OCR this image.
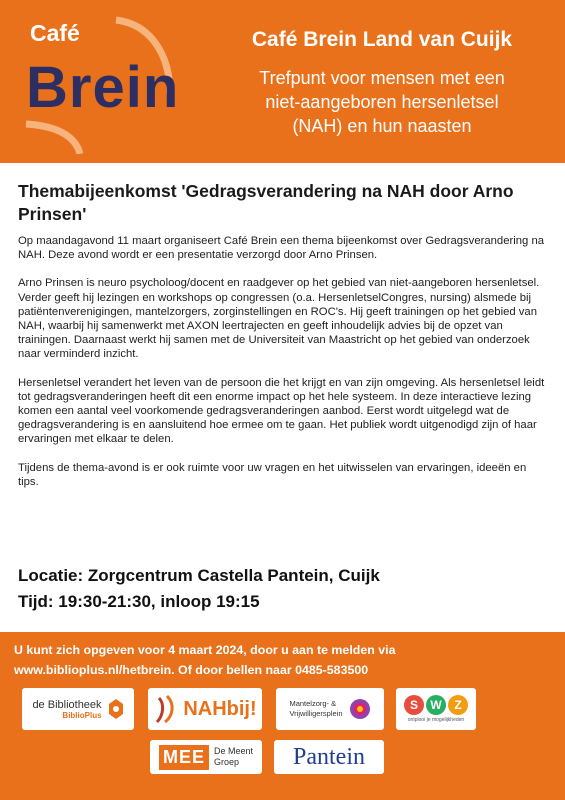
Café
Brein
Café Brein Land van Cuijk
Trefpunt voor mensen met een
niet-aangeboren hersenletsel
(NAH) en hun naasten
Themabijeenkomst 'Gedragsverandering na NAH door Arno Prinsen'

Op maandagavond 11 maart organiseert Café Brein een thema bijeenkomst over Gedragsverandering na NAH. Deze avond wordt er een presentatie verzorgd door Arno Prinsen.

Arno Prinsen is neuro psycholoog/docent en raadgever op het gebied van niet-aangeboren hersenletsel. Verder geeft hij lezingen en workshops op congressen (o.a. HersenletselCongres, nursing) alsmede bij patiëntenverenigingen, mantelzorgers, zorginstellingen en ROC's. Hij geeft trainingen op het gebied van NAH, waarbij hij samenwerkt met AXON leertrajecten en geeft inhoudelijk advies bij de opzet van trainingen. Daarnaast werkt hij samen met de Universiteit van Maastricht op het gebied van onderzoek naar verminderd inzicht.

Hersenletsel verandert het leven van de persoon die het krijgt en van zijn omgeving. Als hersenletsel leidt tot gedragsveranderingen heeft dit een enorme impact op het hele systeem. In deze interactieve lezing komen een aantal veel voorkomende gedragsveranderingen aanbod. Eerst wordt uitgelegd wat de gedragsverandering is en aansluitend hoe ermee om te gaan. Het publiek wordt uitgenodigd zijn of haar ervaringen met elkaar te delen.

Tijdens de thema-avond is er ook ruimte voor uw vragen en het uitwisselen van ervaringen, ideeën en tips.

Locatie: Zorgcentrum Castella Pantein, Cuijk
Tijd: 19:30-21:30, inloop 19:15
U kunt zich opgeven voor 4 maart 2024, door u aan te melden via
www.biblioplus.nl/hetbrein. Of door bellen naar 0485-583500
de Bibliotheek
BiblioPlus	NAHbij!	Mantelzorg- &
Vrijwilligersplein
S	W	Z
ontplooi je mogelijkheden
MEE	De Meent
Groep	Pantein
